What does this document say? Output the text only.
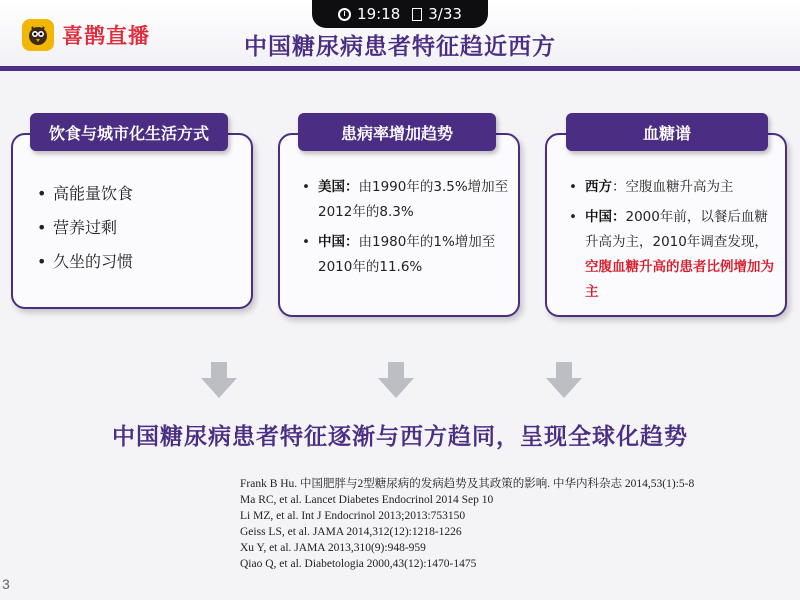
喜鹊直播
19:18 3/33
中国糖尿病患者特征趋近西方
• 高能量饮食
• 营养过剩
• 久坐的习惯
饮食与城市化生活方式
• 美国：由1990年的3.5%增加至2012年的8.3%
• 中国：由1980年的1%增加至2010年的11.6%
患病率增加趋势
• 西方：空腹血糖升高为主
• 中国：2000年前，以餐后血糖升高为主，2010年调查发现，空腹血糖升高的患者比例增加为主
血糖谱
中国糖尿病患者特征逐渐与西方趋同，呈现全球化趋势
Frank B Hu. 中国肥胖与2型糖尿病的发病趋势及其政策的影响. 中华内科杂志 2014,53(1):5-8
Ma RC, et al. Lancet Diabetes Endocrinol 2014 Sep 10
Li MZ, et al. Int J Endocrinol 2013;2013:753150
Geiss LS, et al. JAMA 2014,312(12):1218-1226
Xu Y, et al. JAMA 2013,310(9):948-959
Qiao Q, et al. Diabetologia 2000,43(12):1470-1475
3
